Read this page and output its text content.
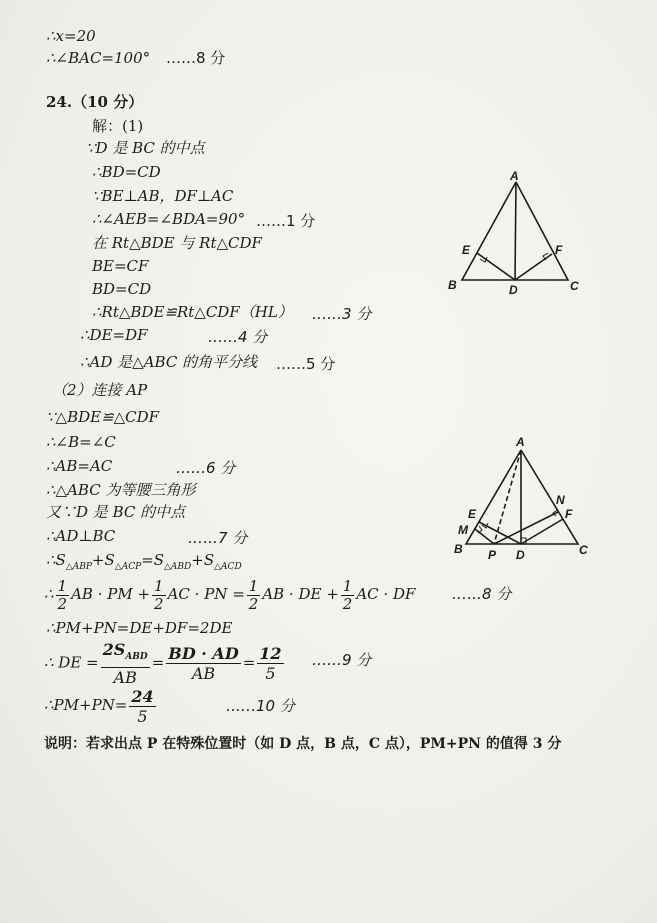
∴x=20
∴∠BAC=100° ……8 分
24.（10 分）
解：(1)
∵D 是 BC 的中点
∴BD=CD
∵BE⊥AB，DF⊥AC
∴∠AEB=∠BDA=90° ……1 分
在 Rt△BDE 与 Rt△CDF
BE=CF
BD=CD
∴Rt△BDE≌Rt△CDF（HL） ……3 分
∴DE=DF	……4 分
∴AD 是△ABC 的角平分线 ……5 分
（2）连接 AP
∵△BDE≌△CDF
∴∠B=∠C
∴AB=AC	……6 分
∴△ABC 为等腰三角形
又∵D 是 BC 的中点
∴AD⊥BC	……7 分
$\therefore S_{\triangle ABP}+S_{\triangle ACP}=S_{\triangle ABD}+S_{\triangle ACD}$
∴ $\frac{1}{2}$ AB · PM + $\frac{1}{2}$ AC · PN = $\frac{1}{2}$ AB · DE + $\frac{1}{2}$ AC · DF ……8 分
∴PM+PN=DE+DF=2DE
∴ DE = $\frac{2S_{ABD}}{AB} = \frac{BD \cdot AD}{AB} = \frac{12}{5}$ ……9 分
∴PM+PN= $\frac{24}{5}$	……10 分
说明：若求出点 P 在特殊位置时（如 D 点，B 点，C 点），PM+PN 的值得 3 分
A
B	C
D
E	F
A
B	C
D
E	F
M
N
P
